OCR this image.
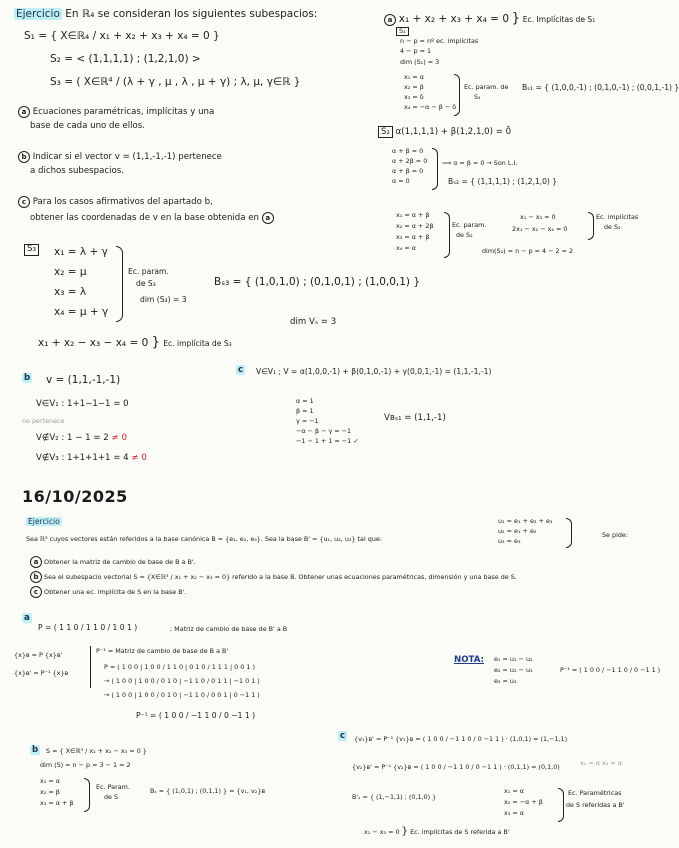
Ejercicio En ℝ₄ se consideran los siguientes subespacios:
S₁ = { X∈ℝ₄ / x₁ + x₂ + x₃ + x₄ = 0 }
S₂ = < (1,1,1,1) ; (1,2,1,0) >
S₃ = ( X∈ℝ⁴ / (λ + γ , μ , λ , μ + γ) ; λ, μ, γ∈ℝ }
a Ecuaciones paramétricas, implícitas y una
base de cada uno de ellos.
b Indicar si el vector v = (1,1,-1,-1) pertenece
a dichos subespacios.
c Para los casos afirmativos del apartado b,
obtener las coordenadas de v en la base obtenida en a
S₃ x₁ = λ + γ
x₂ = μ
x₃ = λ
x₄ = μ + γ
Ec. param.
de S₃
dim (S₃) = 3
Bₛ₃ = { (1,0,1,0) ; (0,1,0,1) ; (1,0,0,1) }
dim Vₛ = 3
x₁ + x₂ − x₃ − x₄ = 0 } Ec. implícita de S₃
b v = (1,1,-1,-1)
V∈V₁ : 1+1−1−1 = 0
no pertenece
V∉V₂ : 1 − 1 = 2 ≠ 0
V∉V₃ : 1+1+1+1 = 4 ≠ 0
a x₁ + x₂ + x₃ + x₄ = 0 } Ec. Implícitas de S₁
S₁
n − p = nº ec. implícitas
4 − p = 1
dim (S₁) = 3
x₁ = α
x₂ = β
x₃ = δ
x₄ = −α − β − δ
Ec. param. de
S₁
Bₛ₁ = { (1,0,0,-1) ; (0,1,0,-1) ; (0,0,1,-1) }
S₂ α(1,1,1,1) + β(1,2,1,0) = 0̄
α + β = 0
α + 2β = 0
α + β = 0
α = 0
⟹ α = β = 0 → Son L.I.
Bₛ₂ = { (1,1,1,1) ; (1,2,1,0) }
x₁ = α + β
x₂ = α + 2β
x₃ = α + β
x₄ = α
Ec. param.
de S₂
x₁ − x₃ = 0
2x₁ − x₂ − x₄ = 0
Ec. implícitas
de S₂
dim(S₂) = n − p = 4 − 2 = 2
c V∈V₁ ; V = α(1,0,0,-1) + β(0,1,0,-1) + γ(0,0,1,-1) = (1,1,-1,-1)
α = 1
β = 1
γ = −1
−α − β − γ = −1
−1 − 1 + 1 = −1 ✓
Vʙₛ₁ = (1,1,-1)
16/10/2025
Ejercicio
Sea ℝ³ cuyos vectores están referidos a la base canónica B = {e₁, e₂, e₃}. Sea la base B' = {u₁, u₂, u₃} tal que:
u₁ = e₁ + e₂ + e₃
u₂ = e₁ + e₂
u₃ = e₃
Se pide:
a Obtener la matriz de cambio de base de B a B'.
b Sea el subespacio vectorial S = {X∈ℝ³ / x₁ + x₂ − x₃ = 0} referido a la base B. Obtener unas ecuaciones paramétricas, dimensión y una base de S.
c Obtener una ec. implícita de S en la base B'.
a
P = ( 1 1 0 / 1 1 0 / 1 0 1 )	; Matriz de cambio de base de B' a B
{x}ʙ = P {x}ʙ'
{x}ʙ' = P⁻¹ {x}ʙ
P⁻¹ = Matriz de cambio de base de B a B'
P = ( 1 0 0 | 1 0 0 / 1 1 0 | 0 1 0 / 1 1 1 | 0 0 1 )
→ ( 1 0 0 | 1 0 0 / 0 1 0 | −1 1 0 / 0 1 1 | −1 0 1 )
→ ( 1 0 0 | 1 0 0 / 0 1 0 | −1 1 0 / 0 0 1 | 0 −1 1 )
NOTA: e₁ = u₁ − u₂
e₂ = u₂ − u₃
e₃ = u₃
P⁻¹ = ( 1 0 0 / −1 1 0 / 0 −1 1 )
P⁻¹ = ( 1 0 0 / −1 1 0 / 0 −1 1 )
b	S = { X∈ℝ³ / x₁ + x₂ − x₃ = 0 }
dim (S) = n − p = 3 − 1 = 2
x₁ = α
x₂ = β
x₃ = α + β
Ec. Param.
de S
Bₛ = { (1,0,1) ; (0,1,1) } = {v₁, v₂}ʙ
c	{v₁}ʙ' = P⁻¹ {v₁}ʙ = ( 1 0 0 / −1 1 0 / 0 −1 1 ) · (1,0,1) = (1,−1,1)
{v₂}ʙ' = P⁻¹ {v₂}ʙ = ( 1 0 0 / −1 1 0 / 0 −1 1 ) · (0,1,1) = (0,1,0)
B'ₛ = { (1,−1,1) ; (0,1,0) }
x₁ = α
x₂ = −α + β
x₃ = α
Ec. Paramétricas
de S referidas a B'
x₁ = α x₃ = α
x₁ − x₃ = 0 } Ec. implícitas de S referida a B'
